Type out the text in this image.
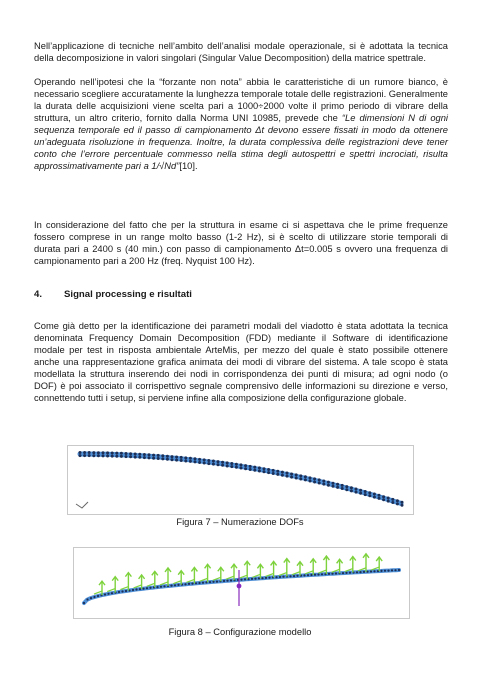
Nell’applicazione di tecniche nell’ambito dell’analisi modale operazionale, si è adottata la tecnica della decomposizione in valori singolari (Singular Value Decomposition) della matrice spettrale.

Operando nell’ipotesi che la “forzante non nota” abbia le caratteristiche di un rumore bianco, è necessario scegliere accuratamente la lunghezza temporale totale delle registrazioni. Generalmente la durata delle acquisizioni viene scelta pari a 1000÷2000 volte il primo periodo di vibrare della struttura, un altro criterio, fornito dalla Norma UNI 10985, prevede che “Le dimensioni N di ogni sequenza temporale ed il passo di campionamento Δt devono essere fissati in modo da ottenere un’adeguata risoluzione in frequenza. Inoltre, la durata complessiva delle registrazioni deve tener conto che l’errore percentuale commesso nella stima degli autospettri e spettri incrociati, risulta approssimativamente pari a 1/√Nd”[10].

In considerazione del fatto che per la struttura in esame ci si aspettava che le prime frequenze fossero comprese in un range molto basso (1-2 Hz), si è scelto di utilizzare storie temporali di durata pari a 2400 s (40 min.) con passo di campionamento Δt=0.005 s ovvero una frequenza di campionamento pari a 200 Hz (freq. Nyquist 100 Hz).

4. Signal processing e risultati

Come già detto per la identificazione dei parametri modali del viadotto è stata adottata la tecnica denominata Frequency Domain Decomposition (FDD) mediante il Software di identificazione modale per test in risposta ambientale ArteMis, per mezzo del quale è stato possibile ottenere anche una rappresentazione grafica animata dei modi di vibrare del sistema. A tale scopo è stata modellata la struttura inserendo dei nodi in corrispondenza dei punti di misura; ad ogni nodo (o DOF) è poi associato il corrispettivo segnale comprensivo delle informazioni su direzione e verso, connettendo tutti i setup, si perviene infine alla composizione della configurazione globale.

Figura 7 – Numerazione DOFs
Figura 8 – Configurazione modello
